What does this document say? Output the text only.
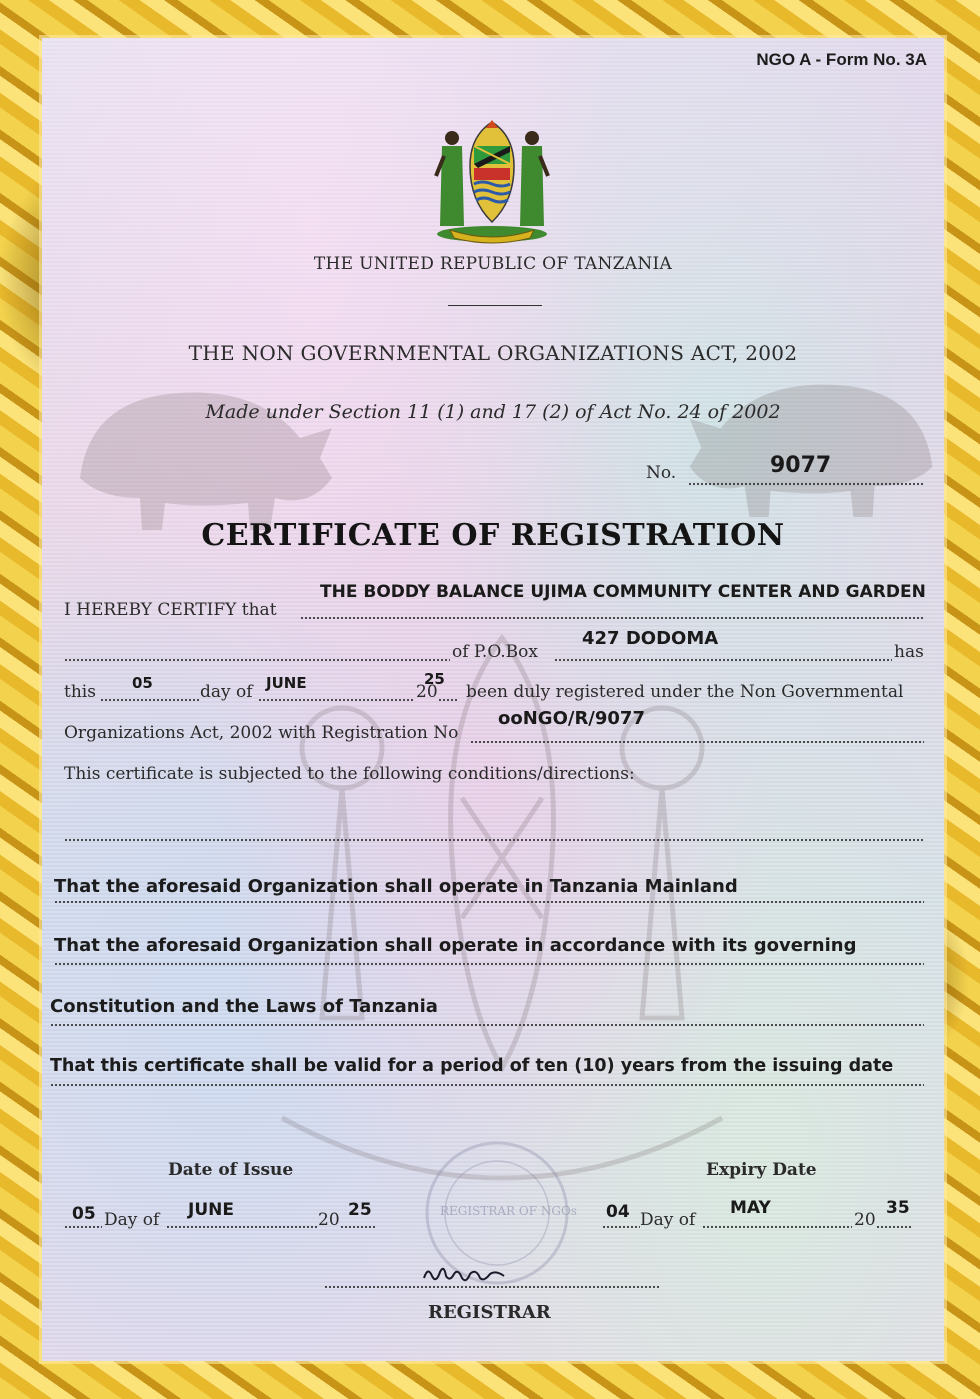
NGO A - Form No. 3A
THE UNITED REPUBLIC OF TANZANIA
THE NON GOVERNMENTAL ORGANIZATIONS ACT, 2002
Made under Section 11 (1) and 17 (2) of Act No. 24 of 2002
No.	9077
CERTIFICATE OF REGISTRATION
I HEREBY CERTIFY that
THE BODDY BALANCE UJIMA COMMUNITY CENTER AND GARDEN
of P.O.Box
427 DODOMA
has
this 05	day of JUNE	20
25
been duly registered under the Non Governmental
Organizations Act, 2002 with Registration No
ooNGO/R/9077
This certificate is subjected to the following conditions/directions:
That the aforesaid Organization shall operate in Tanzania Mainland
That the aforesaid Organization shall operate in accordance with its governing
Constitution and the Laws of Tanzania
That this certificate shall be valid for a period of ten (10) years from the issuing date
REGISTRAR OF NGOs
Date of Issue
05 Day of JUNE	20 25
Expiry Date
04 Day of
MAY
20
35
REGISTRAR
